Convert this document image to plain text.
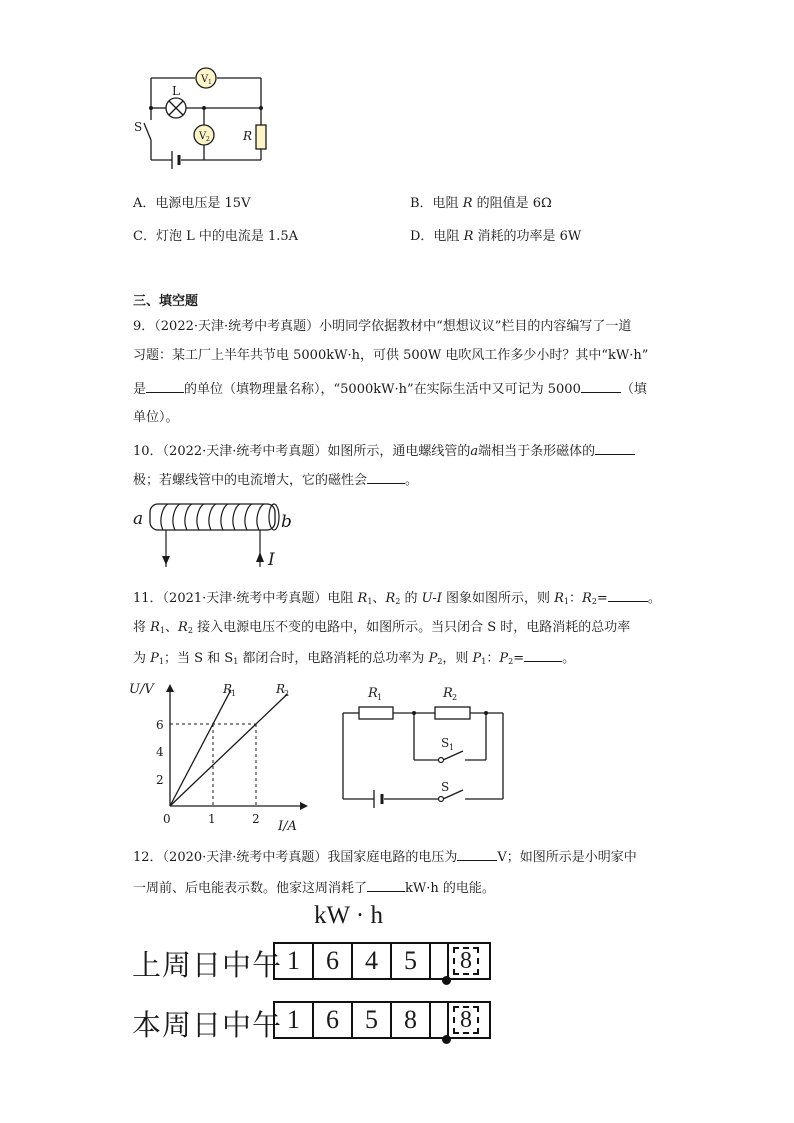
V 1
V 2
L
S
R
A．电源电压是 15V	B．电阻 R 的阻值是 6Ω
C．灯泡 L 中的电流是 1.5A	D．电阻 R 消耗的功率是 6W
三、填空题
9．（2022·天津·统考中考真题）小明同学依据教材中“想想议议”栏目的内容编写了一道
习题：某工厂上半年共节电 5000kW·h，可供 500W 电吹风工作多少小时？其中“kW·h”
是	的单位（填物理量名称），“5000kW·h”在实际生活中又可记为 5000	（填
单位）。
10．（2022·天津·统考中考真题）如图所示，通电螺线管的a端相当于条形磁体的
极；若螺线管中的电流增大，它的磁性会	。
a	b
I
11．（2021·天津·统考中考真题）电阻 $R_1$、$R_2$ 的 U-I 图象如图所示，则 $R_1$：$R_2=$	。
将 $R_1$、$R_2$ 接入电源电压不变的电路中，如图所示。当只闭合 S 时，电路消耗的总功率
为 $P_1$；当 S 和 $S_1$ 都闭合时，电路消耗的总功率为 $P_2$，则 $P_1$：$P_2=$	。
U/V
I/A
6
4
2
0	1	2
R
1	R
2	R 1	R 2
S 1
S
12．（2020·天津·统考中考真题）我国家庭电路的电压为	V；如图所示是小明家中
一周前、后电能表示数。他家这周消耗了	kW·h 的电能。
kW · h
上周日中午 1	6	4	5	8
本周日中午 1	6	5	8	8
